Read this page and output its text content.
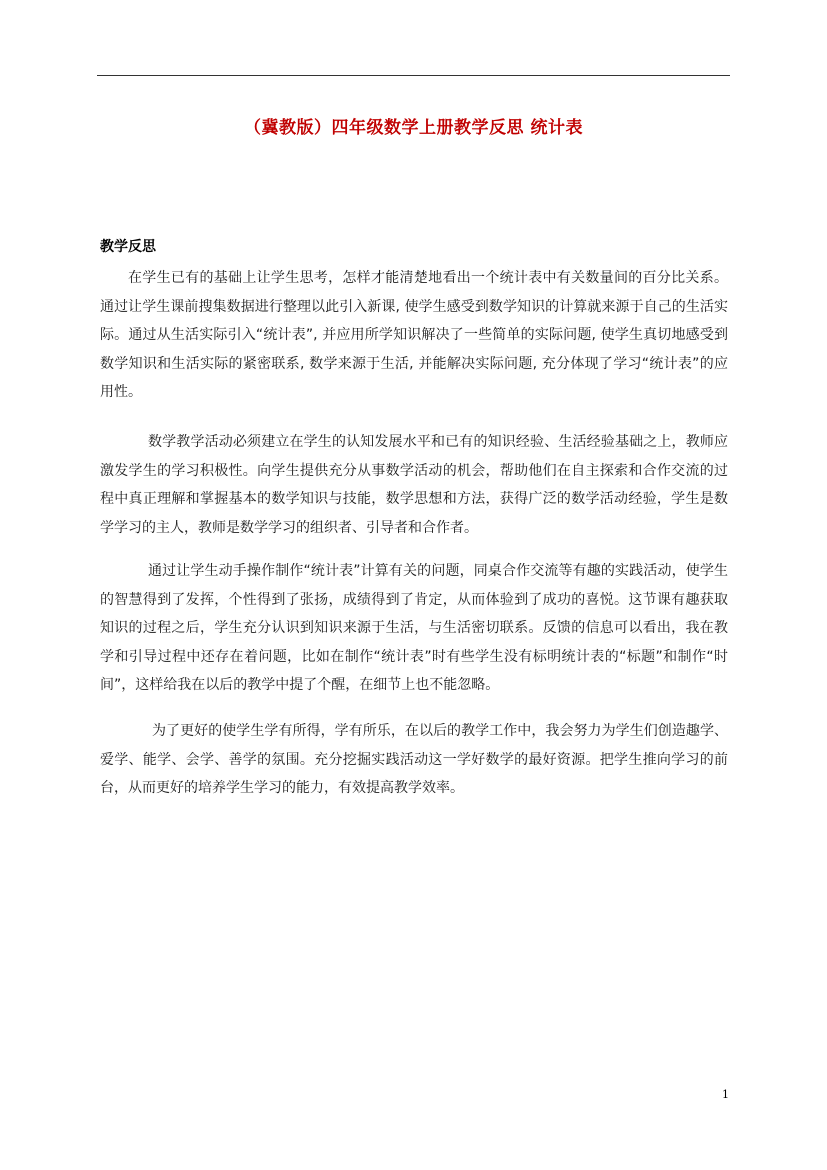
（冀教版）四年级数学上册教学反思 统计表
教学反思

在学生已有的基础上让学生思考，怎样才能清楚地看出一个统计表中有关数量间的百分比关系。通过让学生课前搜集数据进行整理以此引入新课, 使学生感受到数学知识的计算就来源于自己的生活实际。通过从生活实际引入“统计表”, 并应用所学知识解决了一些简单的实际问题, 使学生真切地感受到数学知识和生活实际的紧密联系, 数学来源于生活, 并能解决实际问题, 充分体现了学习“统计表”的应用性。

数学教学活动必须建立在学生的认知发展水平和已有的知识经验、生活经验基础之上，教师应激发学生的学习积极性。向学生提供充分从事数学活动的机会，帮助他们在自主探索和合作交流的过程中真正理解和掌握基本的数学知识与技能，数学思想和方法，获得广泛的数学活动经验，学生是数学学习的主人，教师是数学学习的组织者、引导者和合作者。

通过让学生动手操作制作“统计表”计算有关的问题，同桌合作交流等有趣的实践活动，使学生的智慧得到了发挥，个性得到了张扬，成绩得到了肯定，从而体验到了成功的喜悦。这节课有趣获取知识的过程之后，学生充分认识到知识来源于生活，与生活密切联系。反馈的信息可以看出，我在教学和引导过程中还存在着问题，比如在制作“统计表”时有些学生没有标明统计表的“标题”和制作“时间”，这样给我在以后的教学中提了个醒，在细节上也不能忽略。

为了更好的使学生学有所得，学有所乐，在以后的教学工作中，我会努力为学生们创造趣学、爱学、能学、会学、善学的氛围。充分挖掘实践活动这一学好数学的最好资源。把学生推向学习的前台，从而更好的培养学生学习的能力，有效提高教学效率。

1
